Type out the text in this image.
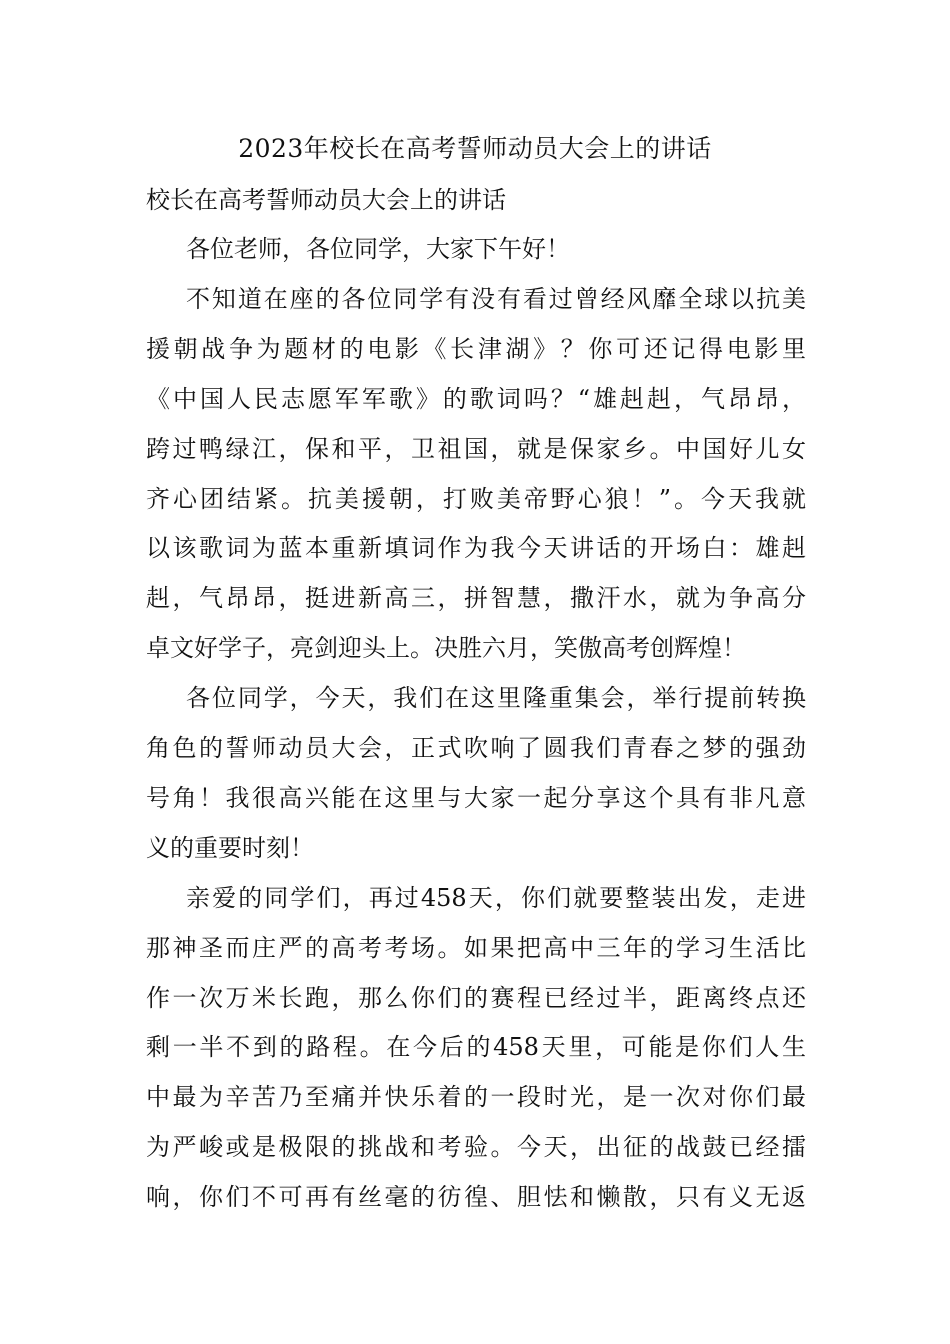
2023年校长在高考誓师动员大会上的讲话
校长在高考誓师动员大会上的讲话
各位老师，各位同学，大家下午好！
不知道在座的各位同学有没有看过曾经风靡全球以抗美
援朝战争为题材的电影《长津湖》？你可还记得电影里
《中国人民志愿军军歌》的歌词吗？“雄赳赳，气昂昂，
跨过鸭绿江，保和平，卫祖国，就是保家乡。中国好儿女
齐心团结紧。抗美援朝，打败美帝野心狼！”。今天我就
以该歌词为蓝本重新填词作为我今天讲话的开场白：雄赳
赳，气昂昂，挺进新高三，拼智慧，撒汗水，就为争高分
卓文好学子，亮剑迎头上。决胜六月，笑傲高考创辉煌！
各位同学，今天，我们在这里隆重集会，举行提前转换
角色的誓师动员大会，正式吹响了圆我们青春之梦的强劲
号角！我很高兴能在这里与大家一起分享这个具有非凡意
义的重要时刻！
亲爱的同学们，再过458天，你们就要整装出发，走进
那神圣而庄严的高考考场。如果把高中三年的学习生活比
作一次万米长跑，那么你们的赛程已经过半，距离终点还
剩一半不到的路程。在今后的458天里，可能是你们人生
中最为辛苦乃至痛并快乐着的一段时光，是一次对你们最
为严峻或是极限的挑战和考验。今天，出征的战鼓已经擂
响，你们不可再有丝毫的彷徨、胆怯和懒散，只有义无返
